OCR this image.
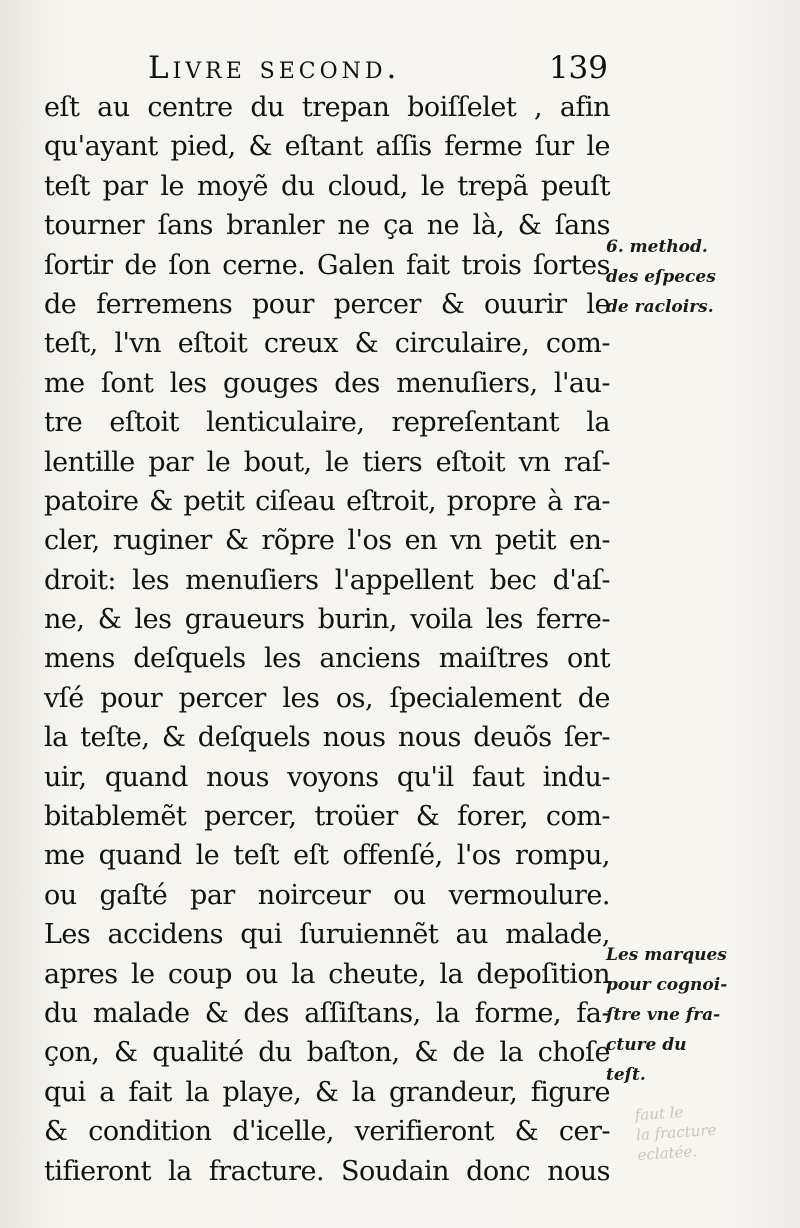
Livre second.	139
eſt au centre du trepan boiſſelet , afin
qu'ayant pied, & eſtant aſſis ferme ſur le
teſt par le moyẽ du cloud, le trepã peuſt
tourner ſans branler ne ça ne là, & ſans
ſortir de ſon cerne. Galen fait trois ſortes
de ferremens pour percer & ouurir le
teſt, l'vn eſtoit creux & circulaire, com-
me ſont les gouges des menuſiers, l'au-
tre eſtoit lenticulaire, repreſentant la
lentille par le bout, le tiers eſtoit vn raſ-
patoire & petit ciſeau eſtroit, propre à ra-
cler, ruginer & rõpre l'os en vn petit en-
droit: les menuſiers l'appellent bec d'aſ-
ne, & les graueurs burin, voila les ferre-
mens deſquels les anciens maiſtres ont
vſé pour percer les os, ſpecialement de
la teſte, & deſquels nous nous deuõs ſer-
uir, quand nous voyons qu'il faut indu-
bitablemẽt percer, troüer & forer, com-
me quand le teſt eſt offenſé, l'os rompu,
ou gaſté par noirceur ou vermoulure.
Les accidens qui ſuruiennẽt au malade,
apres le coup ou la cheute, la depoſition
du malade & des aſſiſtans, la forme, fa-
çon, & qualité du baſton, & de la choſe
qui a fait la playe, & la grandeur, figure
& condition d'icelle, verifieront & cer-
tifieront la fracture. Soudain donc nous
6. method.
des eſpeces
de racloirs.
Les marques
pour cognoi-
ſtre vne fra-
cture du
teſt.
faut le
la fracture
eclatée.
